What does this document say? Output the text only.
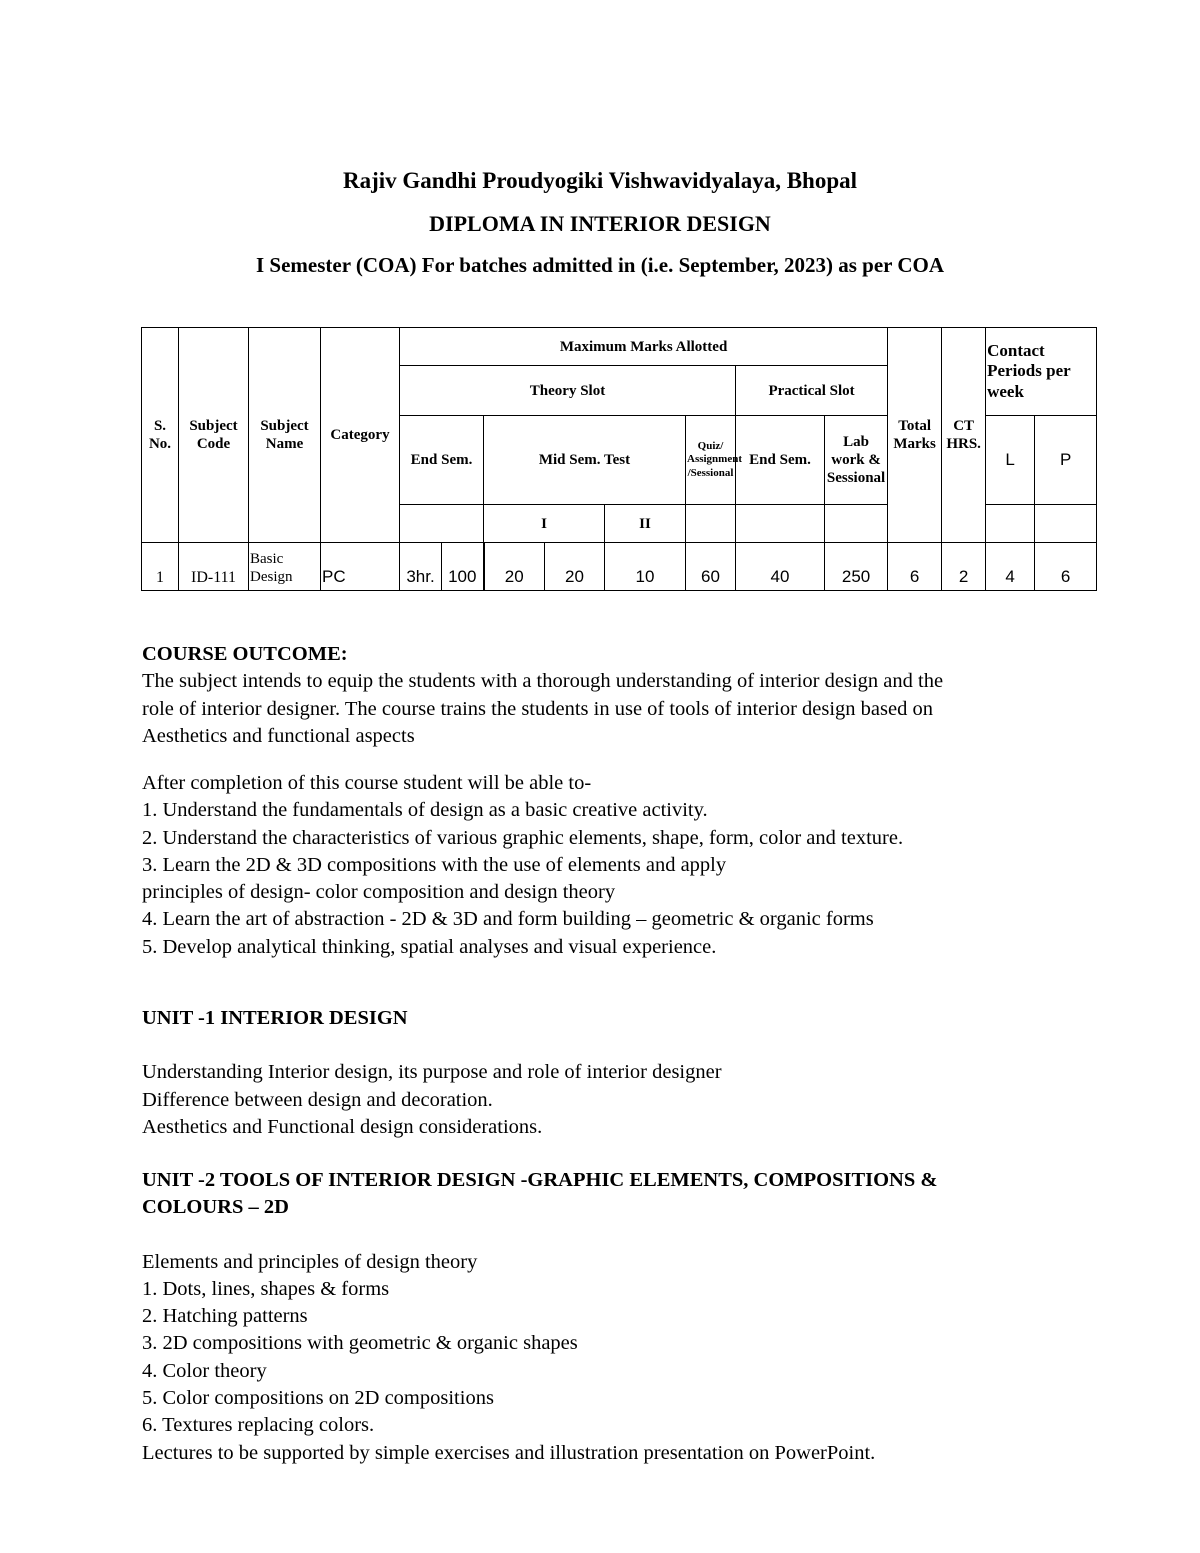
Rajiv Gandhi Proudyogiki Vishwavidyalaya, Bhopal
DIPLOMA IN INTERIOR DESIGN
I Semester (COA) For batches admitted in (i.e. September, 2023) as per COA
S. No.	Subject Code	Subject Name	Category	Maximum Marks Allotted								Total Marks	CT HRS.	Contact Periods per week		
				Theory Slot						Practical Slot						
				End Sem.		Mid Sem. Test			Quiz/ Assignment /Sessional	End Sem.	Lab work & Sessional			L	P	
						I		II								
1	ID-111	Basic Design	PC	3hr.	100	20	20	10	60	40	250	6	2	4	6	
COURSE OUTCOME:
The subject intends to equip the students with a thorough understanding of interior design and the
role of interior designer. The course trains the students in use of tools of interior design based on
Aesthetics and functional aspects
After completion of this course student will be able to-
1. Understand the fundamentals of design as a basic creative activity.
2. Understand the characteristics of various graphic elements, shape, form, color and texture.
3. Learn the 2D & 3D compositions with the use of elements and apply
principles of design- color composition and design theory
4. Learn the art of abstraction - 2D & 3D and form building – geometric & organic forms
5. Develop analytical thinking, spatial analyses and visual experience.
UNIT -1 INTERIOR DESIGN
Understanding Interior design, its purpose and role of interior designer
Difference between design and decoration.
Aesthetics and Functional design considerations.
UNIT -2 TOOLS OF INTERIOR DESIGN -GRAPHIC ELEMENTS, COMPOSITIONS &
COLOURS – 2D
Elements and principles of design theory
1. Dots, lines, shapes & forms
2. Hatching patterns
3. 2D compositions with geometric & organic shapes
4. Color theory
5. Color compositions on 2D compositions
6. Textures replacing colors.
Lectures to be supported by simple exercises and illustration presentation on PowerPoint.
